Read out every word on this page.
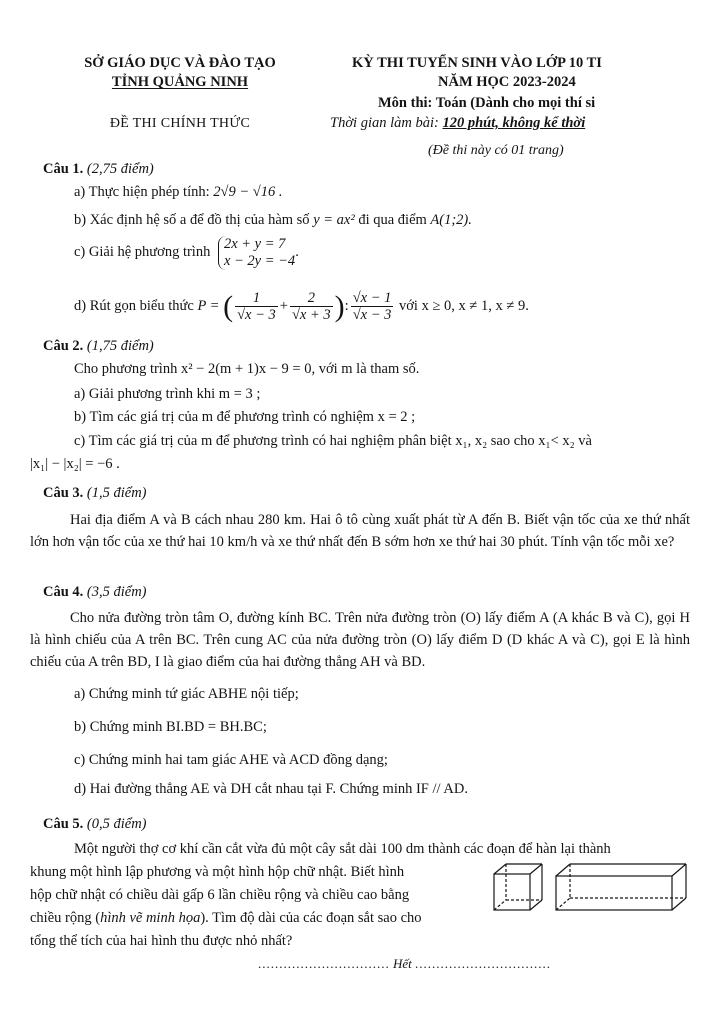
SỞ GIÁO DỤC VÀ ĐÀO TẠO
TỈNH QUẢNG NINH
ĐỀ THI CHÍNH THỨC
KỲ THI TUYỂN SINH VÀO LỚP 10 TI
NĂM HỌC 2023-2024
Môn thi: Toán (Dành cho mọi thí si
Thời gian làm bài: 120 phút, không kể thời
(Đề thi này có 01 trang)
Câu 1. (2,75 điểm)
a) Thực hiện phép tính: 2√9 − √16 .
b) Xác định hệ số a để đồ thị của hàm số y = ax² đi qua điểm A(1;2).
c) Giải hệ phương trình
2x + y = 7
x − 2y = −4
.
d) Rút gọn biểu thức P = ( $\frac{1}{√x - 3} + \frac{2}{√x + 3}$ ): $\frac{√x - 1}{√x - 3}$ với x ≥ 0, x ≠ 1, x ≠ 9.
Câu 2. (1,75 điểm)
Cho phương trình x² − 2(m + 1)x − 9 = 0, với m là tham số.
a) Giải phương trình khi m = 3 ;
b) Tìm các giá trị của m để phương trình có nghiệm x = 2 ;
c) Tìm các giá trị của m để phương trình có hai nghiệm phân biệt x₁, x₂ sao cho x₁< x₂ và
|x₁| − |x₂| = −6 .
Câu 3. (1,5 điểm)
Hai địa điểm A và B cách nhau 280 km. Hai ô tô cùng xuất phát từ A đến B. Biết vận tốc của xe thứ nhất lớn hơn vận tốc của xe thứ hai 10 km/h và xe thứ nhất đến B sớm hơn xe thứ hai 30 phút. Tính vận tốc mỗi xe?
Câu 4. (3,5 điểm)
Cho nửa đường tròn tâm O, đường kính BC. Trên nửa đường tròn (O) lấy điểm A (A khác B và C), gọi H là hình chiếu của A trên BC. Trên cung AC của nửa đường tròn (O) lấy điểm D (D khác A và C), gọi E là hình chiếu của A trên BD, I là giao điểm của hai đường thẳng AH và BD.
a) Chứng minh tứ giác ABHE nội tiếp;
b) Chứng minh BI.BD = BH.BC;
c) Chứng minh hai tam giác AHE và ACD đồng dạng;
d) Hai đường thẳng AE và DH cắt nhau tại F. Chứng minh IF // AD.
Câu 5. (0,5 điểm)
Một người thợ cơ khí cần cắt vừa đủ một cây sắt dài 100 dm thành các đoạn để hàn lại thành
khung một hình lập phương và một hình hộp chữ nhật. Biết hình
hộp chữ nhật có chiều dài gấp 6 lần chiều rộng và chiều cao bằng
chiều rộng (hình vẽ minh họa). Tìm độ dài của các đoạn sắt sao cho
tổng thể tích của hai hình thu được nhỏ nhất?
............................... Hết ................................
